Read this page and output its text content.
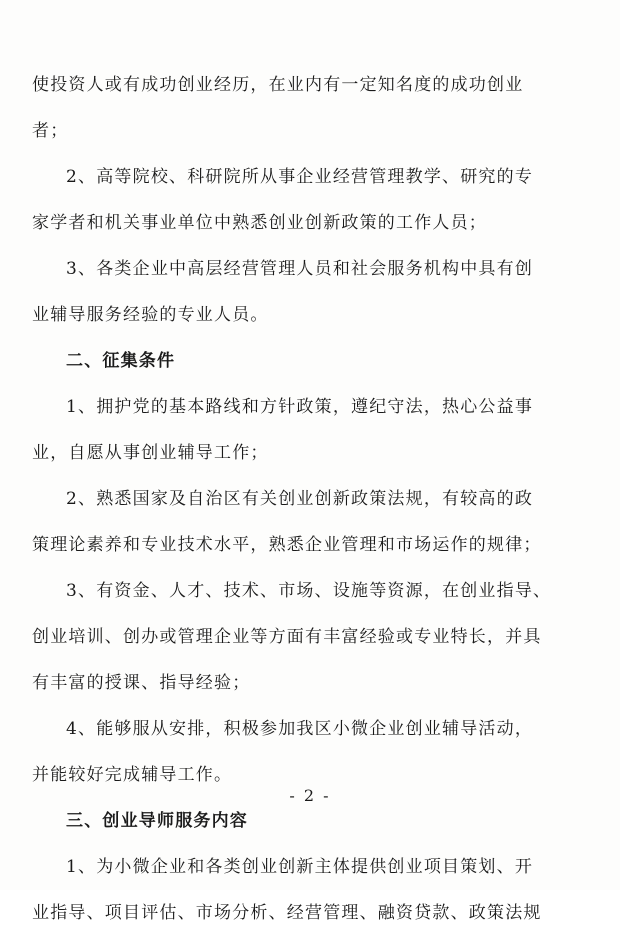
使投资人或有成功创业经历，在业内有一定知名度的成功创业
者；
2、高等院校、科研院所从事企业经营管理教学、研究的专
家学者和机关事业单位中熟悉创业创新政策的工作人员；
3、各类企业中高层经营管理人员和社会服务机构中具有创
业辅导服务经验的专业人员。
二、征集条件
1、拥护党的基本路线和方针政策，遵纪守法，热心公益事
业，自愿从事创业辅导工作；
2、熟悉国家及自治区有关创业创新政策法规，有较高的政
策理论素养和专业技术水平，熟悉企业管理和市场运作的规律；
3、有资金、人才、技术、市场、设施等资源，在创业指导、
创业培训、创办或管理企业等方面有丰富经验或专业特长，并具
有丰富的授课、指导经验；
4、能够服从安排，积极参加我区小微企业创业辅导活动，
并能较好完成辅导工作。
三、创业导师服务内容
1、为小微企业和各类创业创新主体提供创业项目策划、开
业指导、项目评估、市场分析、经营管理、融资贷款、政策法规
- 2 -
